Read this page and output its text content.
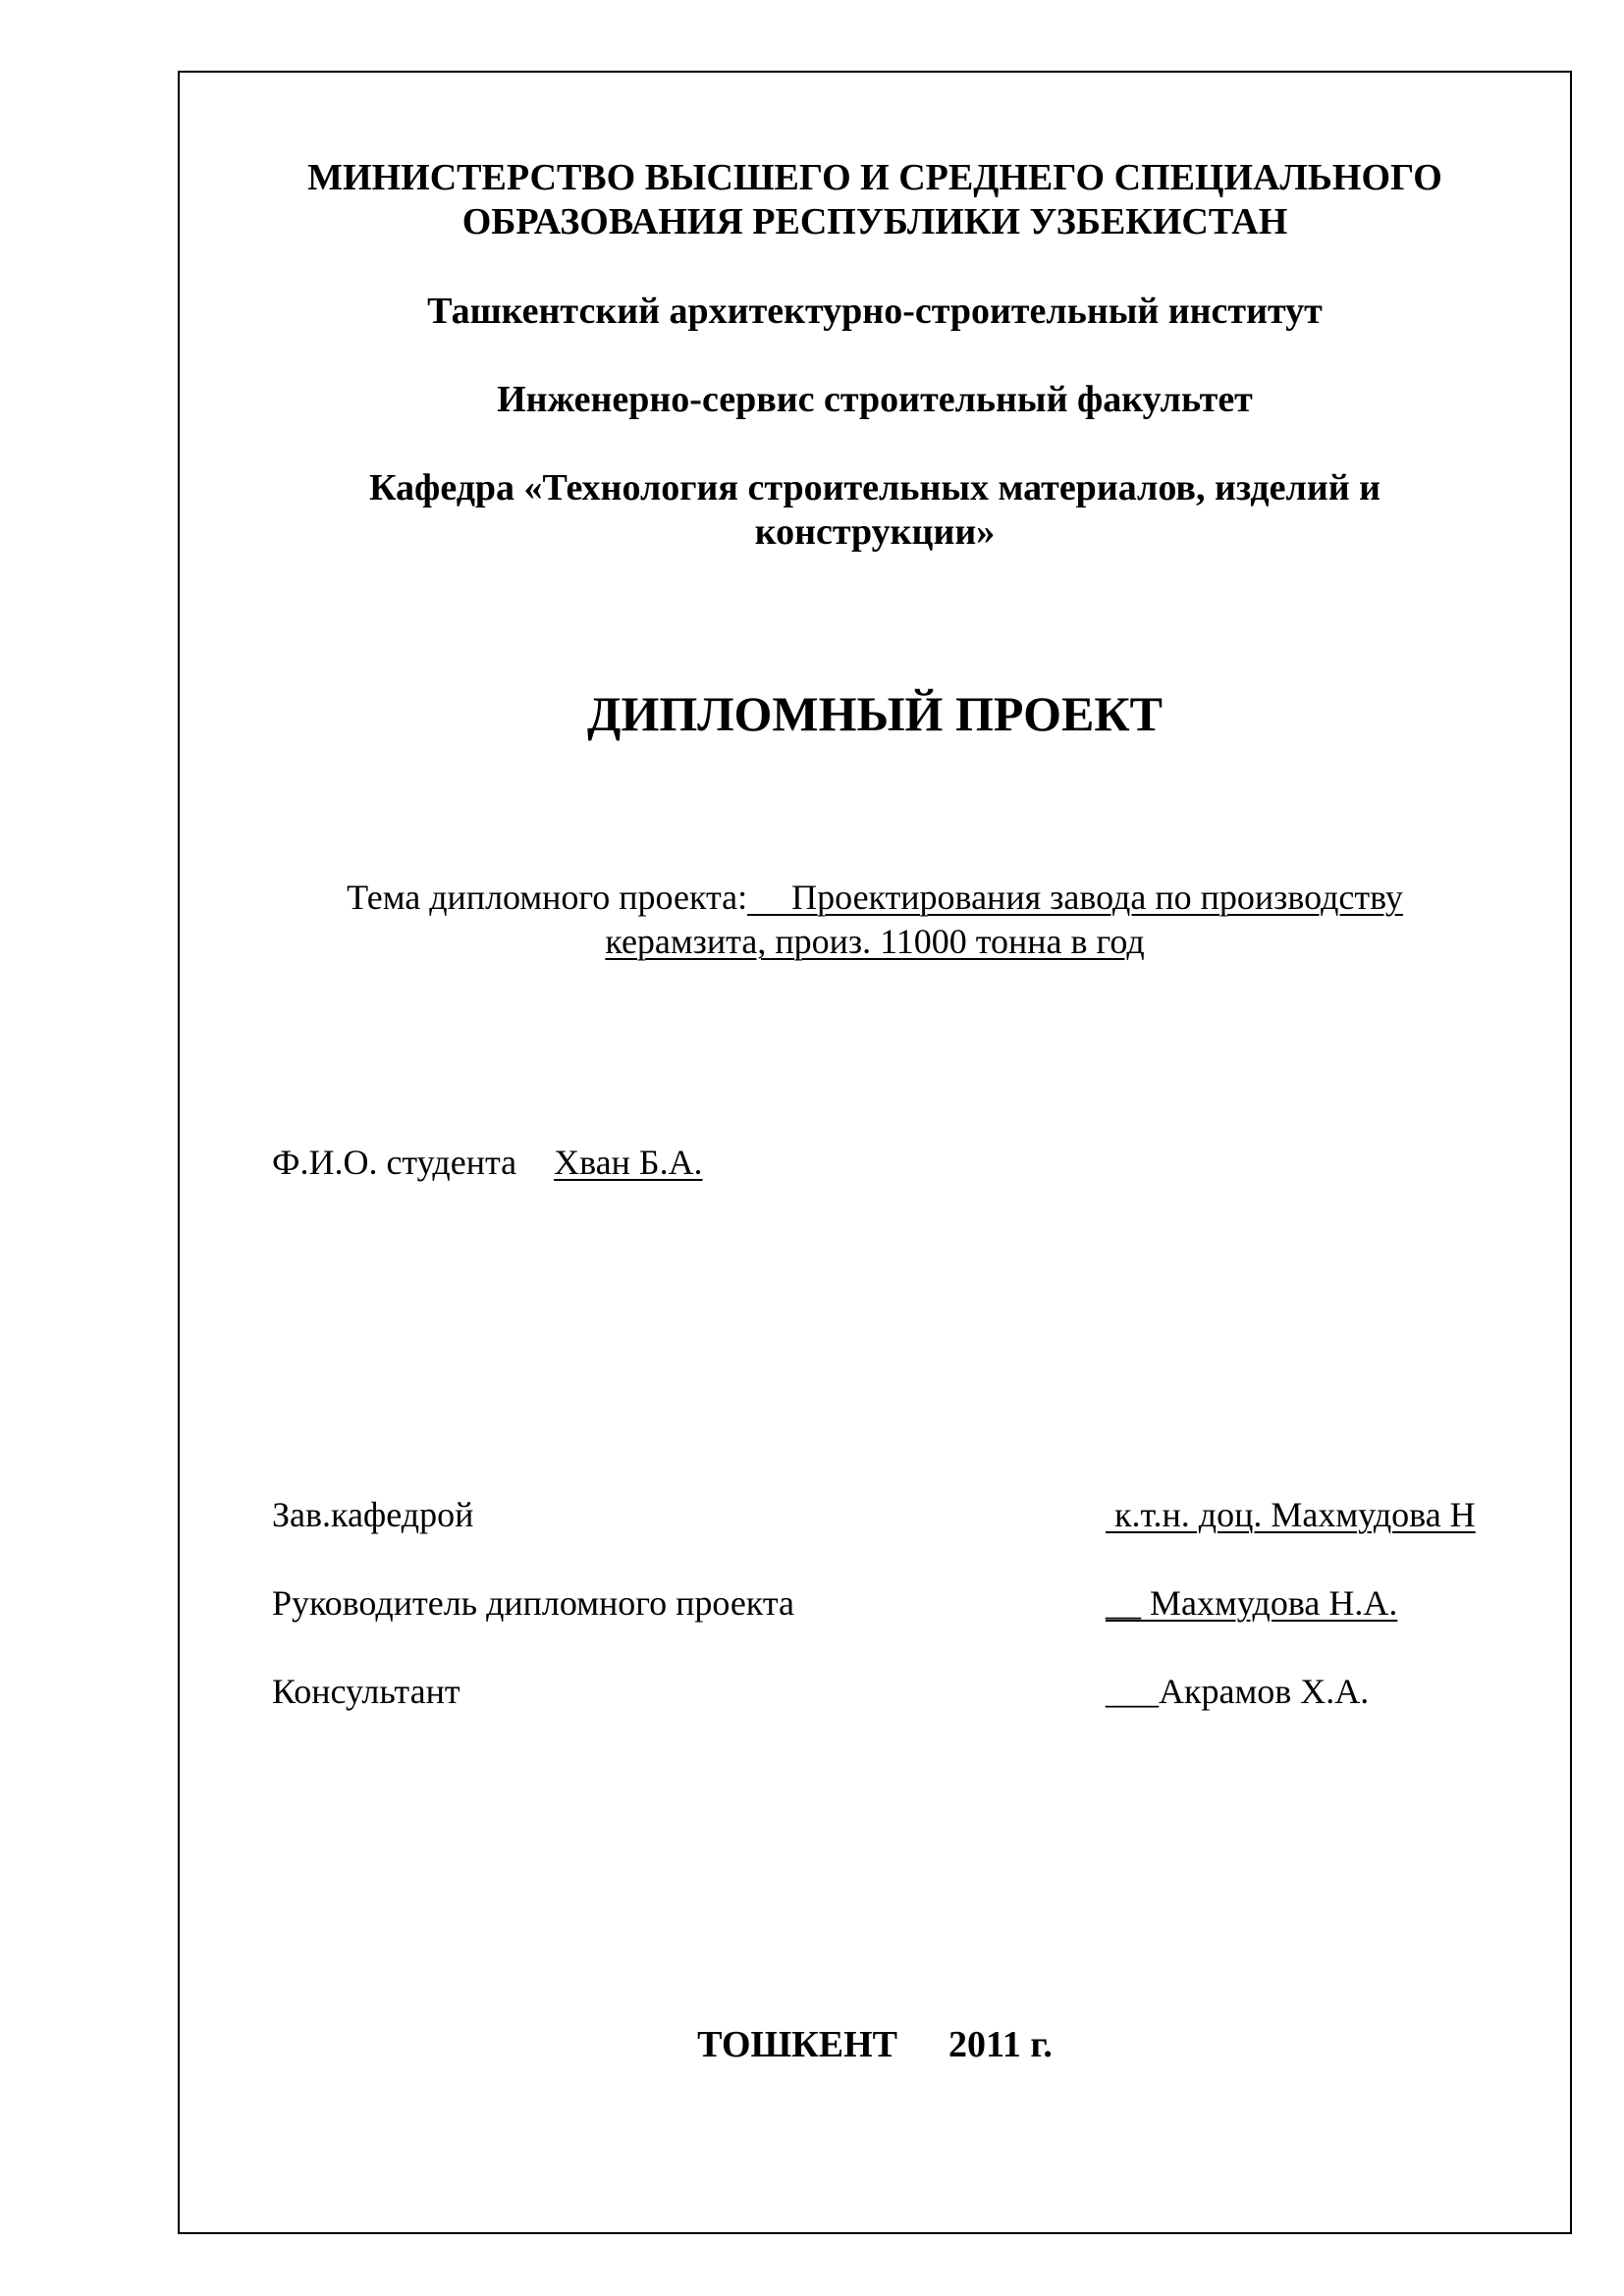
МИНИСТЕРСТВО ВЫСШЕГО И СРЕДНЕГО СПЕЦИАЛЬНОГО
ОБРАЗОВАНИЯ РЕСПУБЛИКИ УЗБЕКИСТАН
Ташкентский архитектурно-строительный институт
Инженерно-сервис строительный факультет
Кафедра «Технология строительных материалов, изделий и
конструкции»
ДИПЛОМНЫЙ ПРОЕКТ
Тема дипломного проекта: Проектирования завода по производству
керамзита, произ. 11000 тонна в год
Ф.И.О. студента Хван Б.А.
Зав.кафедрой	к.т.н. доц. Махмудова Н
Руководитель дипломного проекта	__ Махмудова Н.А.
Консультант	___Акрамов Х.А.
ТОШКЕНТ 2011 г.
